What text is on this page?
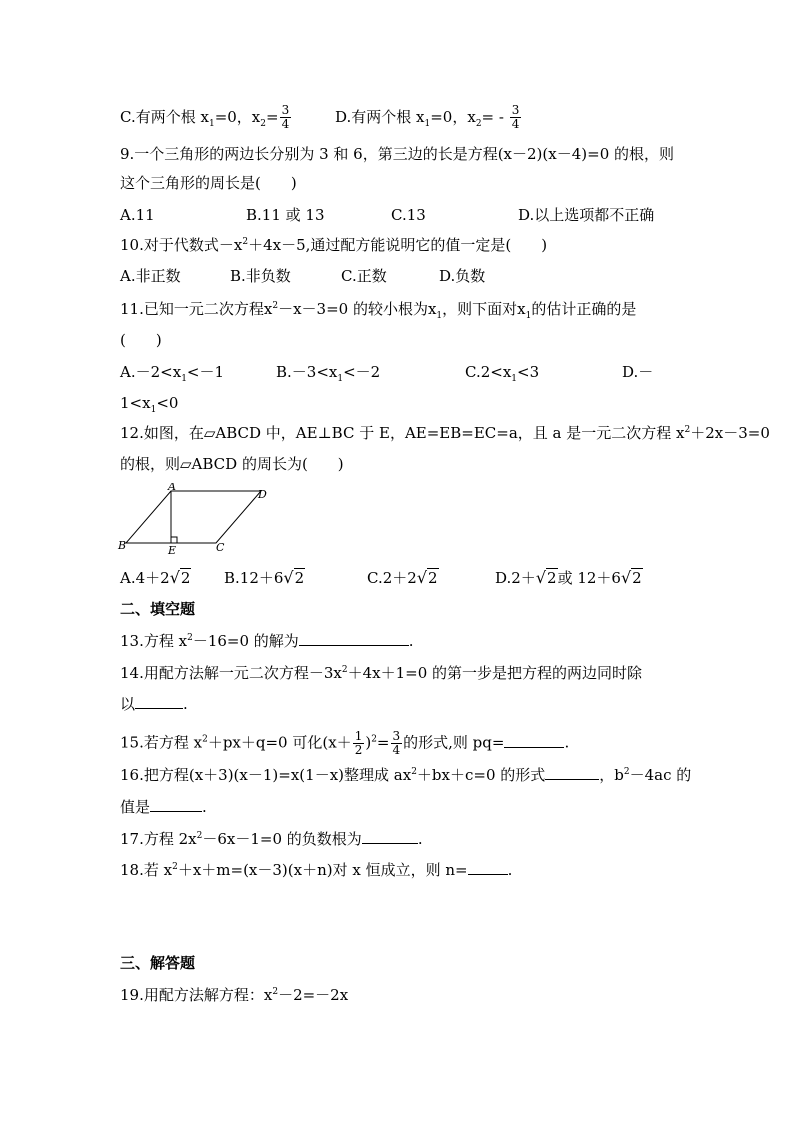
C.有两个根 $x_1=0$，$x_2= \frac{3}{4}$	D.有两个根 $x_1=0$，$x_2= - \frac{3}{4}$
9.一个三角形的两边长分别为 3 和 6，第三边的长是方程(x－2)(x－4)=0 的根，则
这个三角形的周长是(　　)
A.11	B.11 或 13	C.13	D.以上选项都不正确
10.对于代数式$-x^2+4x-5$,通过配方能说明它的值一定是(　　)
A.非正数	B.非负数	C.正数	D.负数
11.已知一元二次方程$x^2-x-3=0$ 的较小根为$x_1$，则下面对$x_1$的估计正确的是
(　　)
$A.-2<x_1<-1$	$B.-3<x_1<-2$	$C.2<x_1<3$	D.－
$1<x_1<0$
12.如图，在▱ABCD 中，AE⊥BC 于 E，AE=EB=EC=a，且 a 是一元二次方程 $x^2+2x-3=0$
的根，则▱ABCD 的周长为(　　)
A
D
B	E	C
A.4＋2√2 B.12＋6√2	C.2＋2√2	D.2＋√2或 12＋6√2
二、填空题
13.方程 $x^2-16=0$ 的解为	.
14.用配方法解一元二次方程$-3x^2+4x+1=0$ 的第一步是把方程的两边同时除
以	.
15.若方程 $x^2+px+q=0$ 可化$(x+ \frac{1}{2} )^2= \frac{3}{4}$ 的形式,则 pq=	.
16.把方程(x＋3)(x－1)=x(1－x)整理成 $ax^2+bx+c=0$ 的形式	，$b^2-4ac$ 的
值是	.
17.方程 $2x^2-6x-1=0$ 的负数根为	.
18.若 $x^2+x+m=(x-3)(x+n)$对 x 恒成立，则 n=	.
三、解答题
19.用配方法解方程：$x^2-2=-2x$
